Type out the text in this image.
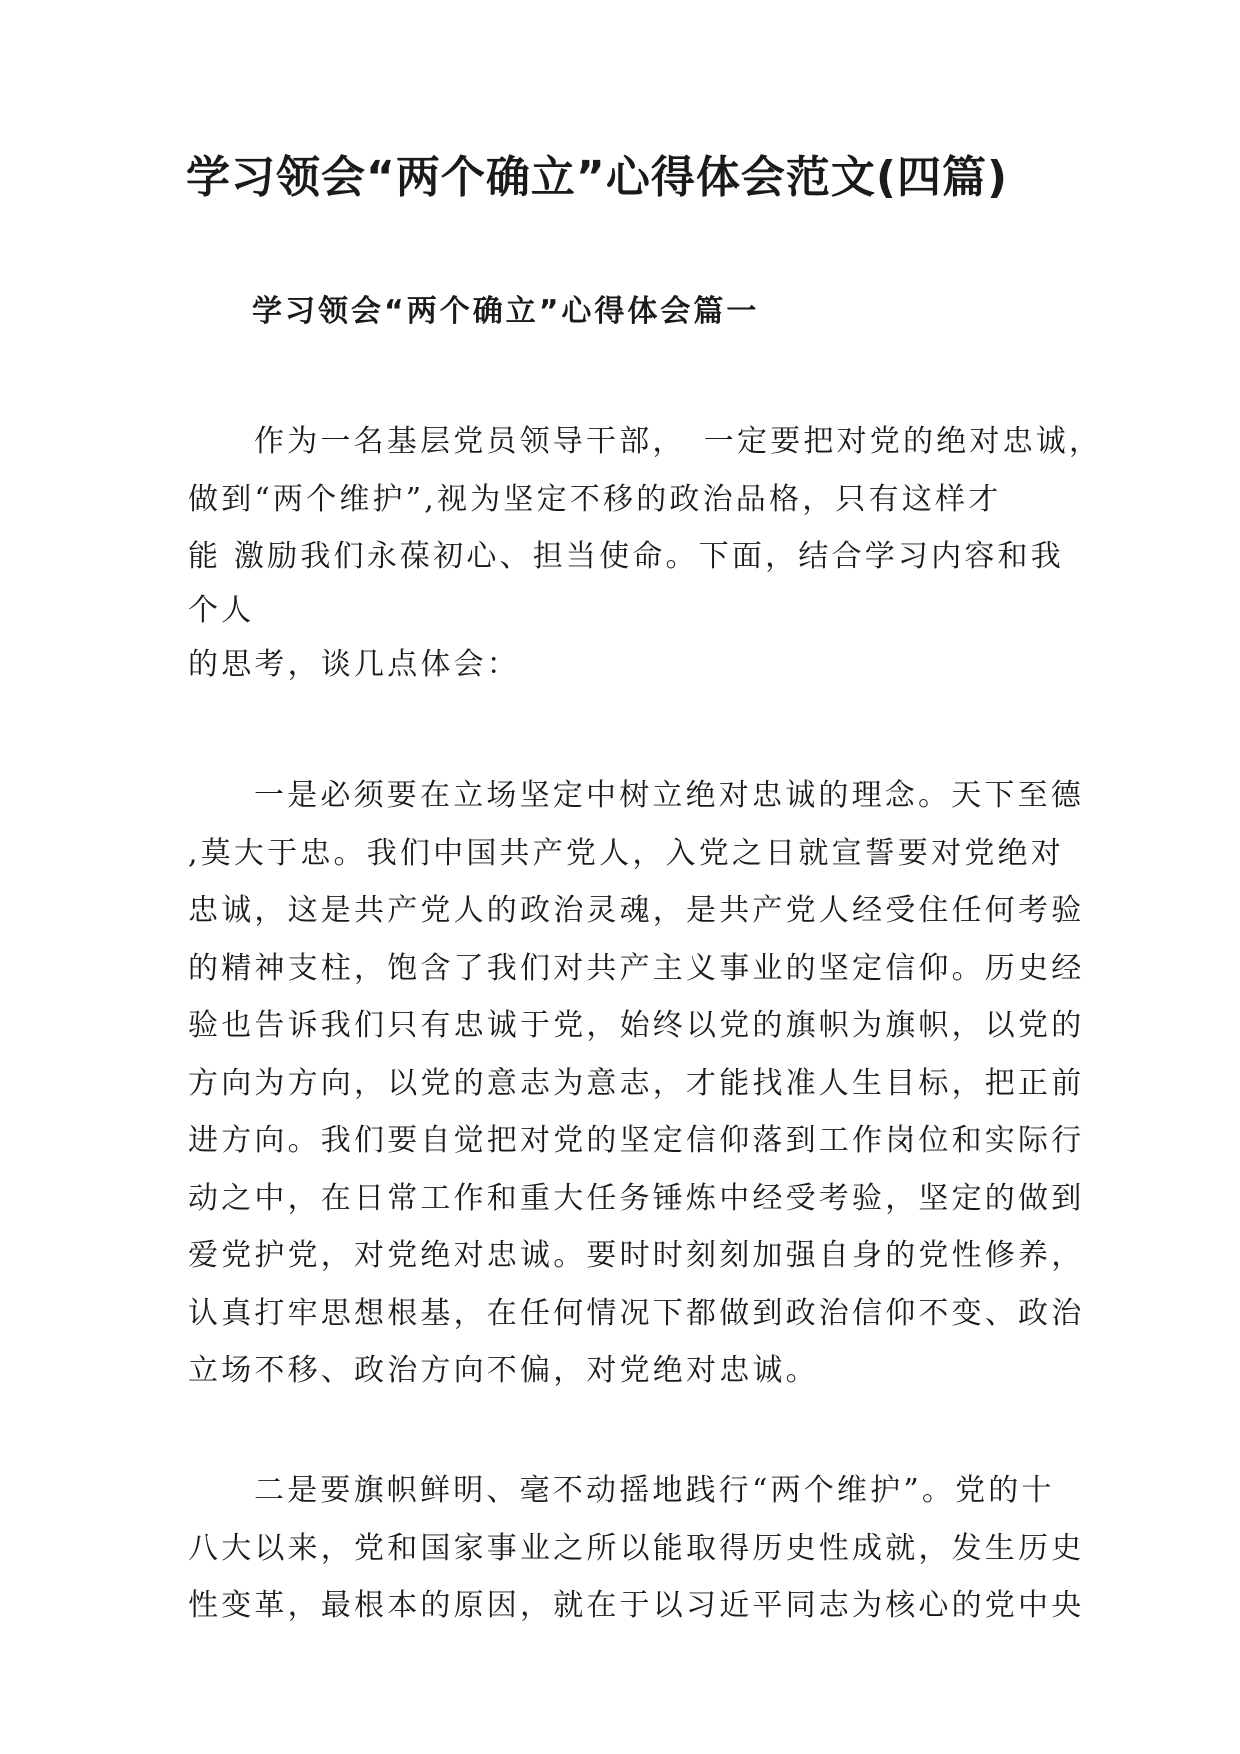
学习领会“两个确立”心得体会范文(四篇)
学习领会“两个确立”心得体会篇一
作为一名基层党员领导干部，　一定要把对党的绝对忠诚，
做到“两个维护”,视为坚定不移的政治品格，只有这样才
能 激励我们永葆初心、担当使命。下面，结合学习内容和我
个人
的思考，谈几点体会：
一是必须要在立场坚定中树立绝对忠诚的理念。天下至德
,莫大于忠。我们中国共产党人，入党之日就宣誓要对党绝对
忠诚，这是共产党人的政治灵魂，是共产党人经受住任何考验
的精神支柱，饱含了我们对共产主义事业的坚定信仰。历史经
验也告诉我们只有忠诚于党，始终以党的旗帜为旗帜，以党的
方向为方向，以党的意志为意志，才能找准人生目标，把正前
进方向。我们要自觉把对党的坚定信仰落到工作岗位和实际行
动之中，在日常工作和重大任务锤炼中经受考验，坚定的做到
爱党护党，对党绝对忠诚。要时时刻刻加强自身的党性修养，
认真打牢思想根基，在任何情况下都做到政治信仰不变、政治
立场不移、政治方向不偏，对党绝对忠诚。
二是要旗帜鲜明、毫不动摇地践行“两个维护”。党的十
八大以来，党和国家事业之所以能取得历史性成就，发生历史
性变革，最根本的原因，就在于以习近平同志为核心的党中央
